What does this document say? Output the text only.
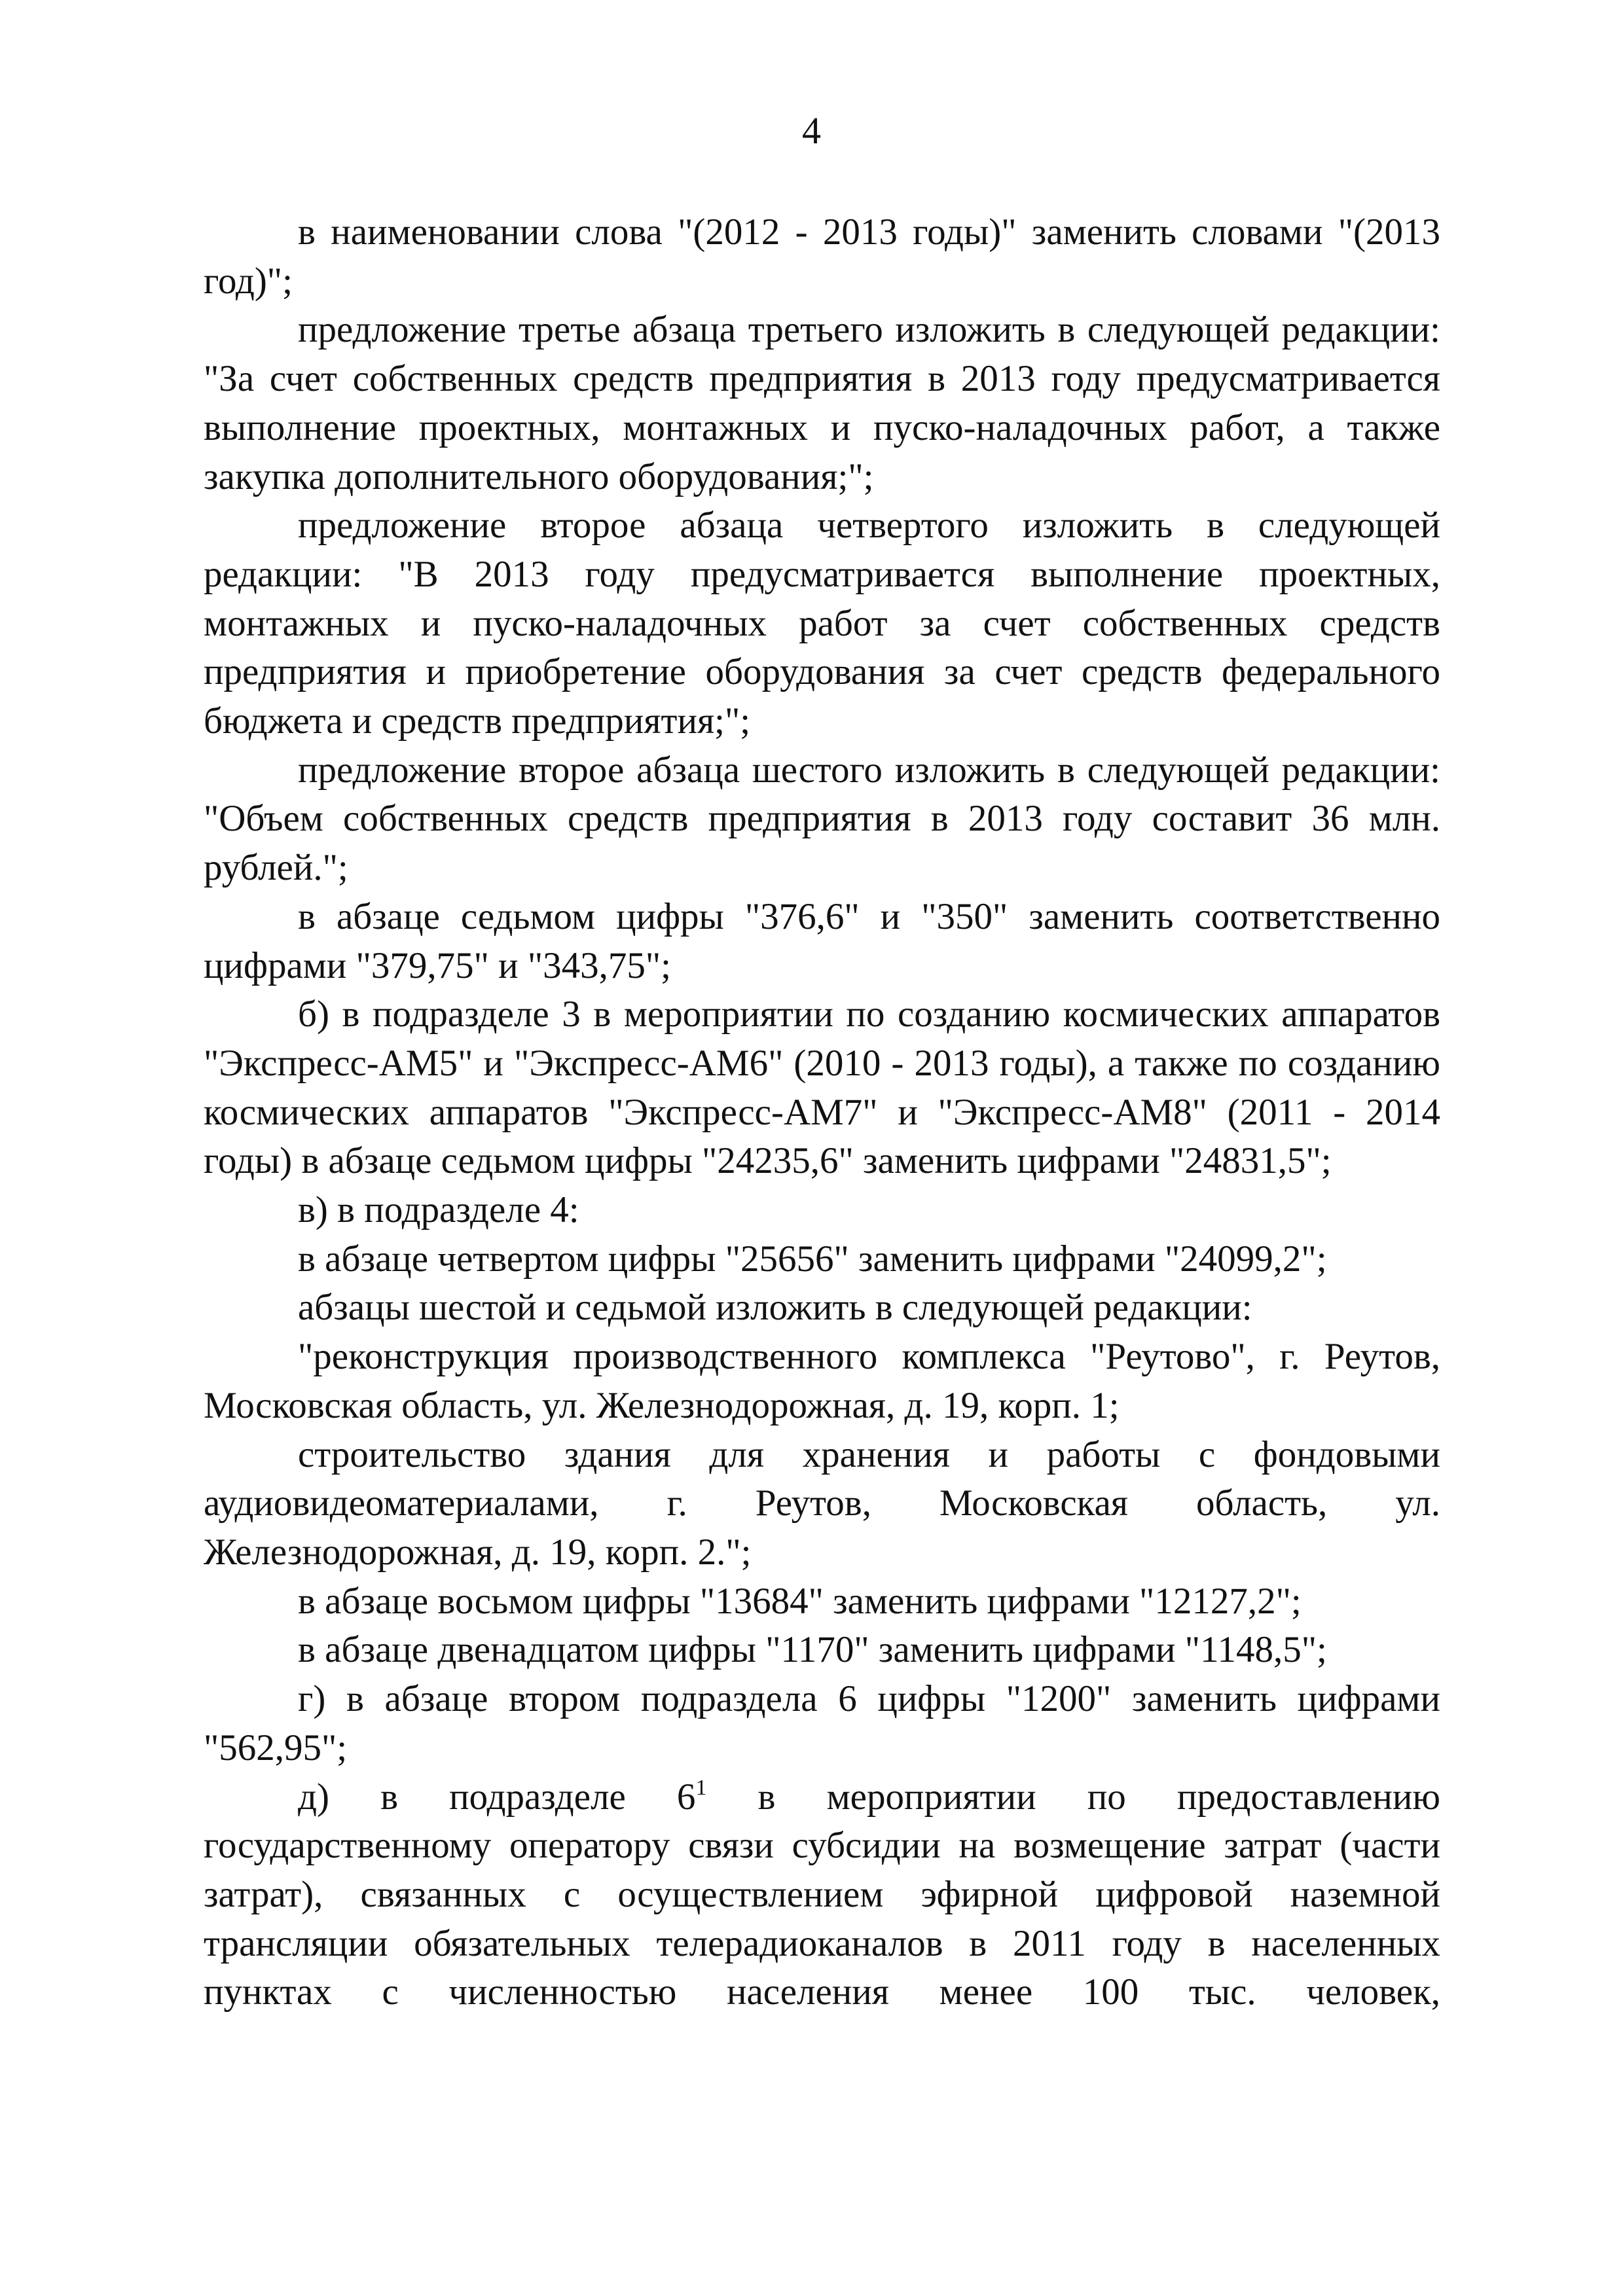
4

в наименовании слова "(2012 - 2013 годы)" заменить словами "(2013 год)";

предложение третье абзаца третьего изложить в следующей редакции: "За счет собственных средств предприятия в 2013 году предусматривается выполнение проектных, монтажных и пуско-наладочных работ, а также закупка дополнительного оборудования;";

предложение второе абзаца четвертого изложить в следующей редакции: "В 2013 году предусматривается выполнение проектных, монтажных и пуско-наладочных работ за счет собственных средств предприятия и приобретение оборудования за счет средств федерального бюджета и средств предприятия;";

предложение второе абзаца шестого изложить в следующей редакции: "Объем собственных средств предприятия в 2013 году составит 36 млн. рублей.";

в абзаце седьмом цифры "376,6" и "350" заменить соответственно цифрами "379,75" и "343,75";

б) в подразделе 3 в мероприятии по созданию космических аппаратов "Экспресс-АМ5" и "Экспресс-АМ6" (2010 - 2013 годы), а также по созданию космических аппаратов "Экспресс-АМ7" и "Экспресс-АМ8" (2011 - 2014 годы) в абзаце седьмом цифры "24235,6" заменить цифрами "24831,5";

в) в подразделе 4:

в абзаце четвертом цифры "25656" заменить цифрами "24099,2";

абзацы шестой и седьмой изложить в следующей редакции:

"реконструкция производственного комплекса "Реутово", г. Реутов, Московская область, ул. Железнодорожная, д. 19, корп. 1;

строительство здания для хранения и работы с фондовыми аудиовидеоматериалами, г. Реутов, Московская область, ул. Железнодорожная, д. 19, корп. 2.";

в абзаце восьмом цифры "13684" заменить цифрами "12127,2";

в абзаце двенадцатом цифры "1170" заменить цифрами "1148,5";

г) в абзаце втором подраздела 6 цифры "1200" заменить цифрами "562,95";

д) в подразделе $6^1$ в мероприятии по предоставлению государственному оператору связи субсидии на возмещение затрат (части затрат), связанных с осуществлением эфирной цифровой наземной трансляции обязательных телерадиоканалов в 2011 году в населенных пунктах с численностью населения менее 100 тыс. человек,
